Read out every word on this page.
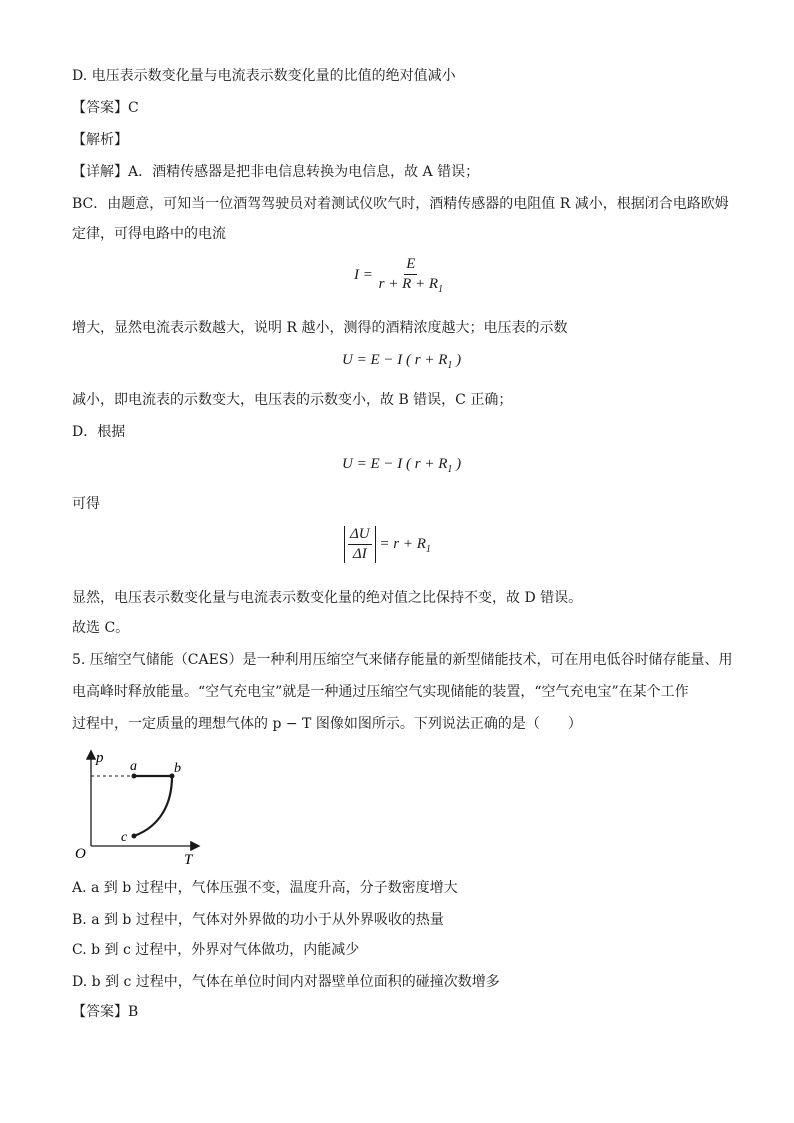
D. 电压表示数变化量与电流表示数变化量的比值的绝对值减小
【答案】C
【解析】
【详解】A．酒精传感器是把非电信息转换为电信息，故 A 错误；
BC．由题意，可知当一位酒驾驾驶员对着测试仪吹气时，酒精传感器的电阻值 R 减小，根据闭合电路欧姆
定律，可得电路中的电流
$I = \frac{E}{r + R + R_1}$
增大，显然电流表示数越大，说明 R 越小，测得的酒精浓度越大；电压表的示数
U = E − I ( $r + R_1$ )
减小，即电流表的示数变大，电压表的示数变小，故 B 错误，C 正确；
D．根据
U = E − I ( $r + R_1$ )
可得
$\frac{\Delta U}{\Delta I} = r + R_1$
显然，电压表示数变化量与电流表示数变化量的绝对值之比保持不变，故 D 错误。
故选 C。
5. 压缩空气储能（CAES）是一种利用压缩空气来储存能量的新型储能技术，可在用电低谷时储存能量、用
电高峰时释放能量。“空气充电宝”就是一种通过压缩空气实现储能的装置，“空气充电宝”在某个工作
过程中，一定质量的理想气体的 p − T 图像如图所示。下列说法正确的是（　　）
p
T
O
a	b
c
A. a 到 b 过程中，气体压强不变，温度升高，分子数密度增大
B. a 到 b 过程中，气体对外界做的功小于从外界吸收的热量
C. b 到 c 过程中，外界对气体做功，内能减少
D. b 到 c 过程中，气体在单位时间内对器壁单位面积的碰撞次数增多
【答案】B
